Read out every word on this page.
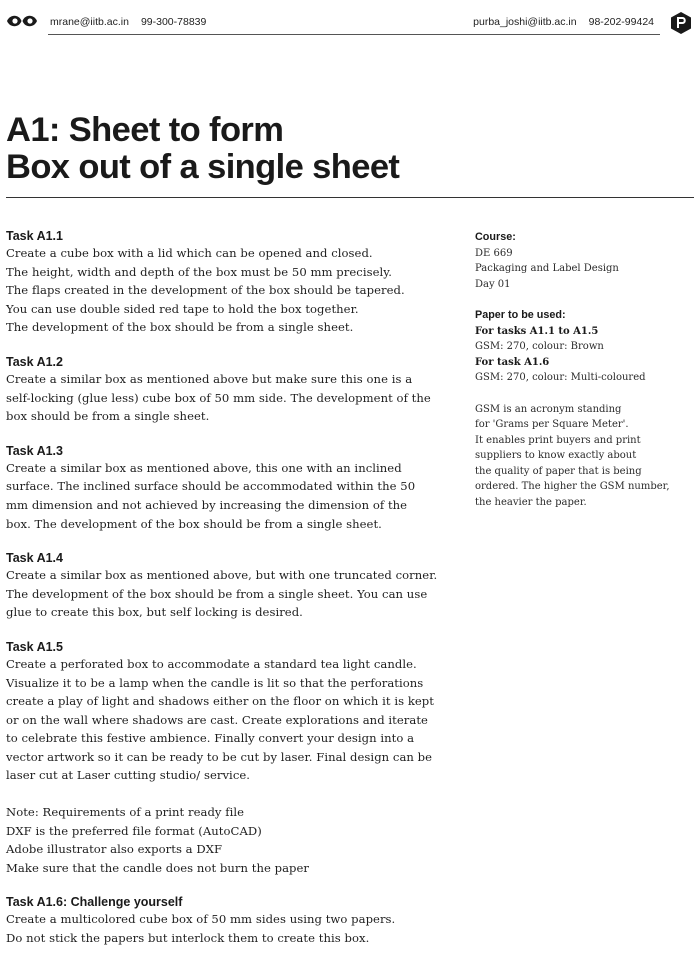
mrane@iitb.ac.in 99-300-78839	purba_joshi@iitb.ac.in 98-202-99424
A1: Sheet to form
Box out of a single sheet
Task A1.1
Create a cube box with a lid which can be opened and closed.
The height, width and depth of the box must be 50 mm precisely.
The flaps created in the development of the box should be tapered.
You can use double sided red tape to hold the box together.
The development of the box should be from a single sheet.
Task A1.2
Create a similar box as mentioned above but make sure this one is a
self-locking (glue less) cube box of 50 mm side. The development of the
box should be from a single sheet.
Task A1.3
Create a similar box as mentioned above, this one with an inclined
surface. The inclined surface should be accommodated within the 50
mm dimension and not achieved by increasing the dimension of the
box. The development of the box should be from a single sheet.
Task A1.4
Create a similar box as mentioned above, but with one truncated corner.
The development of the box should be from a single sheet. You can use
glue to create this box, but self locking is desired.
Task A1.5
Create a perforated box to accommodate a standard tea light candle.
Visualize it to be a lamp when the candle is lit so that the perforations
create a play of light and shadows either on the floor on which it is kept
or on the wall where shadows are cast. Create explorations and iterate
to celebrate this festive ambience. Finally convert your design into a
vector artwork so it can be ready to be cut by laser. Final design can be
laser cut at Laser cutting studio/ service.
Note: Requirements of a print ready file
DXF is the preferred file format (AutoCAD)
Adobe illustrator also exports a DXF
Make sure that the candle does not burn the paper
Task A1.6: Challenge yourself
Create a multicolored cube box of 50 mm sides using two papers.
Do not stick the papers but interlock them to create this box.
Course:
DE 669
Packaging and Label Design
Day 01
Paper to be used:
For tasks A1.1 to A1.5
GSM: 270, colour: Brown
For task A1.6
GSM: 270, colour: Multi-coloured
GSM is an acronym standing
for 'Grams per Square Meter'.
It enables print buyers and print
suppliers to know exactly about
the quality of paper that is being
ordered. The higher the GSM number,
the heavier the paper.
